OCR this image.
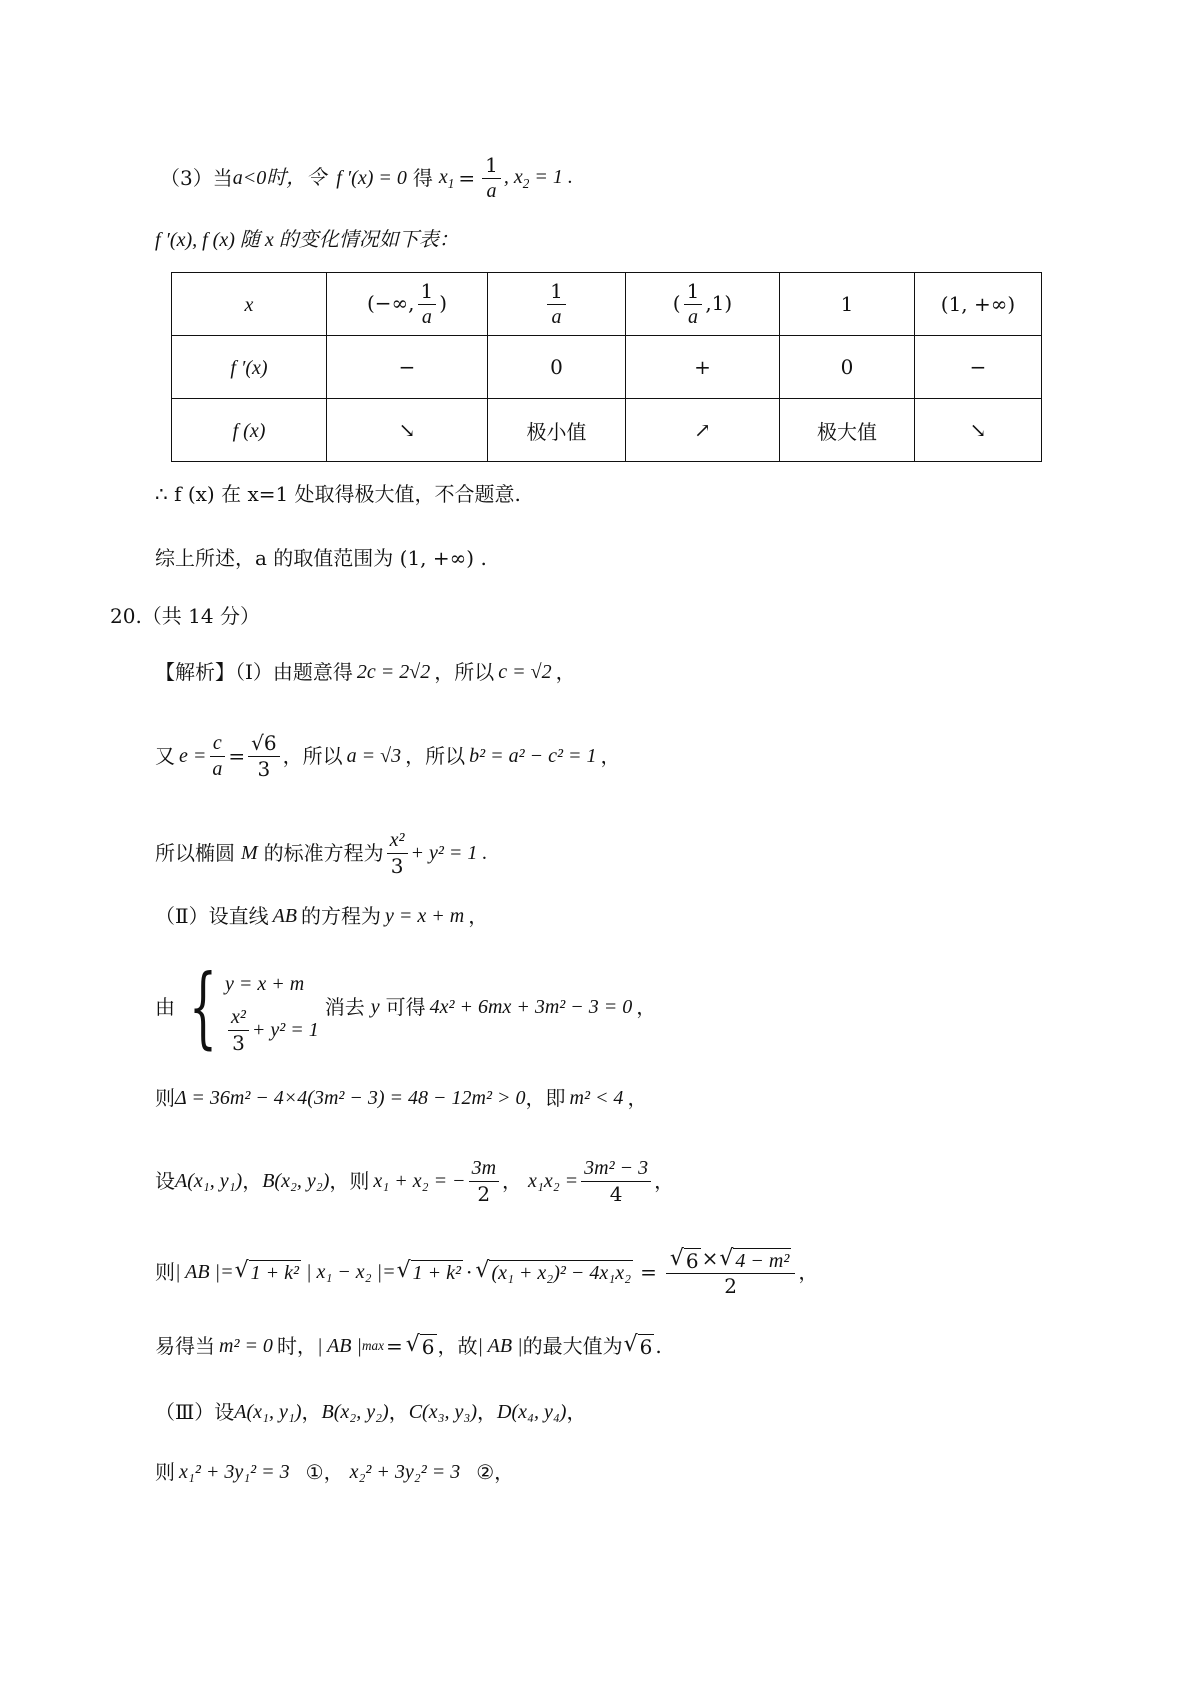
（3）当 a<0时，令 f ′(x) = 0 得 $x_1 = \frac{1}{a}$ , $x_2 = 1$ .
f ′(x), f (x) 随 x 的变化情况如下表：
x	(−∞, $\frac{1}{a}$ )	$\frac{1}{a}$	( $\frac{1}{a} ,1$)	1	(1, +∞)
f ′(x)	−	0	+	0	−
f (x)	↘	极小值	↗	极大值	↘
∴ f (x) 在 x=1 处取得极大值，不合题意.
综上所述，a 的取值范围为 (1, +∞) .
20.（共 14 分）
【解析】（Ⅰ）由题意得 2c = 2√2 ，所以 c = √2 ，
又 $e = \frac{c}{a} = \frac{√6}{3}$ ，所以 a = √3 ，所以 b² = a² − c² = 1 ，
所以椭圆 M 的标准方程为 $\frac{\text{x²}}{3} + y^2 = 1$ .
（Ⅱ）设直线 AB 的方程为 y = x + m ，
由 { y = x + m
$\frac{\text{x²}}{3} + y^2 = 1$
消去 y 可得 4x² + 6mx + 3m² − 3 = 0 ，
则 Δ = 36m² − 4×4(3m² − 3) = 48 − 12m² > 0 ，即 m² < 4 ，
设 A(x₁, y₁) ， B(x₂, y₂) ，则 x₁ + x₂ = − $\frac{3m}{2}$ ， $x_1x_2 = \frac{\text{3m² − 3}}{4}$ ，
则 | AB |= √ 1 + k² | x₁ − x₂ |= √ 1 + k² · √ $(x_1 + x_2)^2 - 4x_1x_2 = \frac{\text{√ 6 × √ 4 − m²}}{2}$ ，
易得当 m² = 0 时， | AB | max = √ 6 ，故 | AB | 的最大值为 √ 6 .
（Ⅲ）设 A(x₁, y₁) ， B(x₂, y₂) ， C(x₃, y₃) ， D(x₄, y₄) ，
则 x₁² + 3y₁² = 3 ①， x₂² + 3y₂² = 3 ②，
